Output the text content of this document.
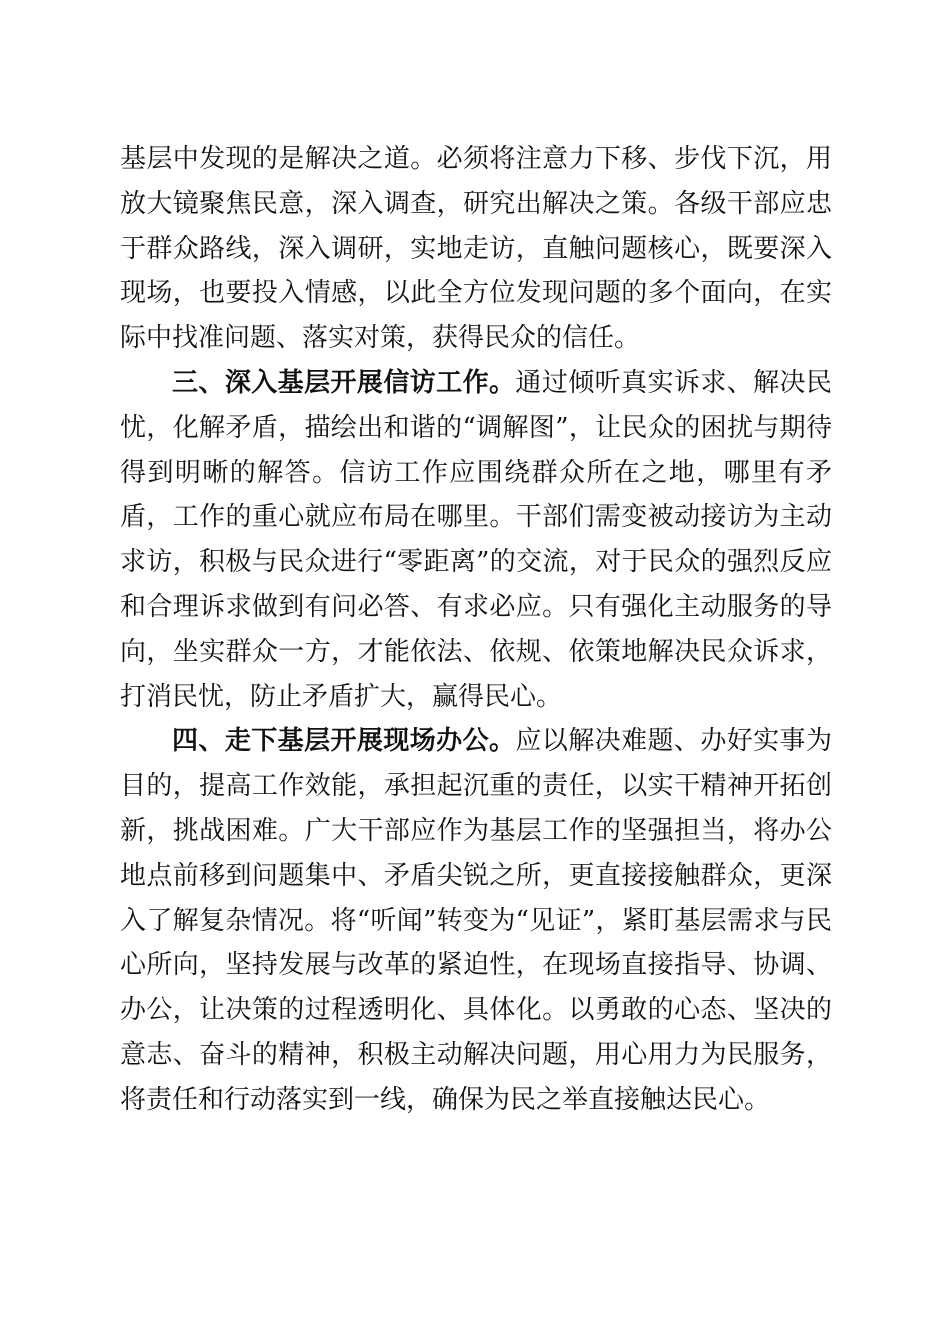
基层中发现的是解决之道。必须将注意力下移、步伐下沉，用放大镜聚焦民意，深入调查，研究出解决之策。各级干部应忠于群众路线，深入调研，实地走访，直触问题核心，既要深入现场，也要投入情感，以此全方位发现问题的多个面向，在实际中找准问题、落实对策，获得民众的信任。

三、深入基层开展信访工作。通过倾听真实诉求、解决民忧，化解矛盾，描绘出和谐的“调解图”，让民众的困扰与期待得到明晰的解答。信访工作应围绕群众所在之地，哪里有矛盾，工作的重心就应布局在哪里。干部们需变被动接访为主动求访，积极与民众进行“零距离”的交流，对于民众的强烈反应和合理诉求做到有问必答、有求必应。只有强化主动服务的导向，坐实群众一方，才能依法、依规、依策地解决民众诉求，打消民忧，防止矛盾扩大，赢得民心。

四、走下基层开展现场办公。应以解决难题、办好实事为目的，提高工作效能，承担起沉重的责任，以实干精神开拓创新，挑战困难。广大干部应作为基层工作的坚强担当，将办公地点前移到问题集中、矛盾尖锐之所，更直接接触群众，更深入了解复杂情况。将“听闻”转变为“见证”，紧盯基层需求与民心所向，坚持发展与改革的紧迫性，在现场直接指导、协调、办公，让决策的过程透明化、具体化。以勇敢的心态、坚决的意志、奋斗的精神，积极主动解决问题，用心用力为民服务，将责任和行动落实到一线，确保为民之举直接触达民心。
